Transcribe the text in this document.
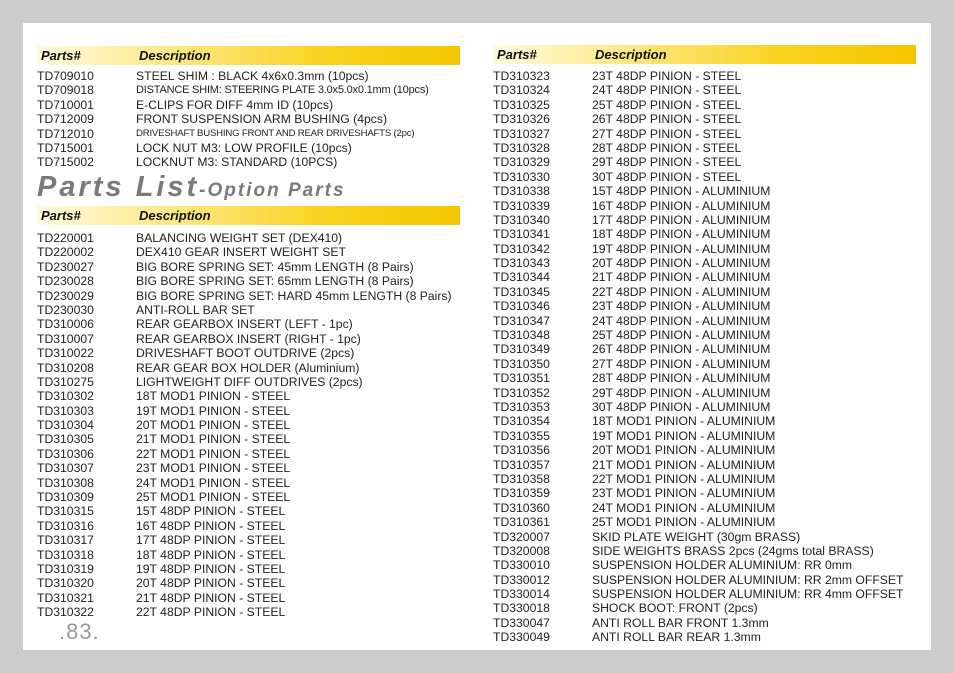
Parts#	Description
TD709010	STEEL SHIM : BLACK 4x6x0.3mm (10pcs)
TD709018	DISTANCE SHIM: STEERING PLATE 3.0x5.0x0.1mm (10pcs)
TD710001	E-CLIPS FOR DIFF 4mm ID (10pcs)
TD712009	FRONT SUSPENSION ARM BUSHING (4pcs)
TD712010	DRIVESHAFT BUSHING FRONT AND REAR DRIVESHAFTS (2pc)
TD715001	LOCK NUT M3: LOW PROFILE (10pcs)
TD715002	LOCKNUT M3: STANDARD (10PCS)
Parts List-Option Parts
Parts#	Description
TD220001	BALANCING WEIGHT SET (DEX410)
TD220002	DEX410 GEAR INSERT WEIGHT SET
TD230027	BIG BORE SPRING SET: 45mm LENGTH (8 Pairs)
TD230028	BIG BORE SPRING SET: 65mm LENGTH (8 Pairs)
TD230029	BIG BORE SPRING SET: HARD 45mm LENGTH (8 Pairs)
TD230030	ANTI-ROLL BAR SET
TD310006	REAR GEARBOX INSERT (LEFT - 1pc)
TD310007	REAR GEARBOX INSERT (RIGHT - 1pc)
TD310022	DRIVESHAFT BOOT OUTDRIVE (2pcs)
TD310208	REAR GEAR BOX HOLDER (Aluminium)
TD310275	LIGHTWEIGHT DIFF OUTDRIVES (2pcs)
TD310302	18T MOD1 PINION - STEEL
TD310303	19T MOD1 PINION - STEEL
TD310304	20T MOD1 PINION - STEEL
TD310305	21T MOD1 PINION - STEEL
TD310306	22T MOD1 PINION - STEEL
TD310307	23T MOD1 PINION - STEEL
TD310308	24T MOD1 PINION - STEEL
TD310309	25T MOD1 PINION - STEEL
TD310315	15T 48DP PINION - STEEL
TD310316	16T 48DP PINION - STEEL
TD310317	17T 48DP PINION - STEEL
TD310318	18T 48DP PINION - STEEL
TD310319	19T 48DP PINION - STEEL
TD310320	20T 48DP PINION - STEEL
TD310321	21T 48DP PINION - STEEL
TD310322	22T 48DP PINION - STEEL
Parts#	Description
TD310323	23T 48DP PINION - STEEL
TD310324	24T 48DP PINION - STEEL
TD310325	25T 48DP PINION - STEEL
TD310326	26T 48DP PINION - STEEL
TD310327	27T 48DP PINION - STEEL
TD310328	28T 48DP PINION - STEEL
TD310329	29T 48DP PINION - STEEL
TD310330	30T 48DP PINION - STEEL
TD310338	15T 48DP PINION - ALUMINIUM
TD310339	16T 48DP PINION - ALUMINIUM
TD310340	17T 48DP PINION - ALUMINIUM
TD310341	18T 48DP PINION - ALUMINIUM
TD310342	19T 48DP PINION - ALUMINIUM
TD310343	20T 48DP PINION - ALUMINIUM
TD310344	21T 48DP PINION - ALUMINIUM
TD310345	22T 48DP PINION - ALUMINIUM
TD310346	23T 48DP PINION - ALUMINIUM
TD310347	24T 48DP PINION - ALUMINIUM
TD310348	25T 48DP PINION - ALUMINIUM
TD310349	26T 48DP PINION - ALUMINIUM
TD310350	27T 48DP PINION - ALUMINIUM
TD310351	28T 48DP PINION - ALUMINIUM
TD310352	29T 48DP PINION - ALUMINIUM
TD310353	30T 48DP PINION - ALUMINIUM
TD310354	18T MOD1 PINION - ALUMINIUM
TD310355	19T MOD1 PINION - ALUMINIUM
TD310356	20T MOD1 PINION - ALUMINIUM
TD310357	21T MOD1 PINION - ALUMINIUM
TD310358	22T MOD1 PINION - ALUMINIUM
TD310359	23T MOD1 PINION - ALUMINIUM
TD310360	24T MOD1 PINION - ALUMINIUM
TD310361	25T MOD1 PINION - ALUMINIUM
TD320007	SKID PLATE WEIGHT (30gm BRASS)
TD320008	SIDE WEIGHTS BRASS 2pcs (24gms total BRASS)
TD330010	SUSPENSION HOLDER ALUMINIUM: RR 0mm
TD330012	SUSPENSION HOLDER ALUMINIUM: RR 2mm OFFSET
TD330014	SUSPENSION HOLDER ALUMINIUM: RR 4mm OFFSET
TD330018	SHOCK BOOT: FRONT (2pcs)
TD330047	ANTI ROLL BAR FRONT 1.3mm
TD330049	ANTI ROLL BAR REAR 1.3mm
.83.
